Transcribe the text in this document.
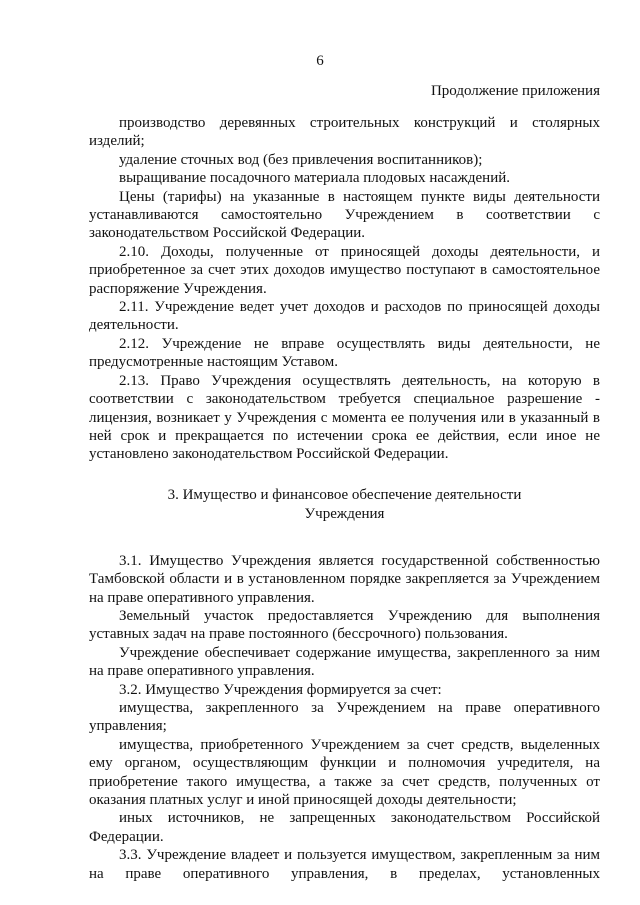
6
Продолжение приложения

производство деревянных строительных конструкций и столярных изделий;

удаление сточных вод (без привлечения воспитанников);

выращивание посадочного материала плодовых насаждений.

Цены (тарифы) на указанные в настоящем пункте виды деятельности устанавливаются самостоятельно Учреждением в соответствии с законодательством Российской Федерации.

2.10. Доходы, полученные от приносящей доходы деятельности, и приобретенное за счет этих доходов имущество поступают в самостоятельное распоряжение Учреждения.

2.11. Учреждение ведет учет доходов и расходов по приносящей доходы деятельности.

2.12. Учреждение не вправе осуществлять виды деятельности, не предусмотренные настоящим Уставом.

2.13. Право Учреждения осуществлять деятельность, на которую в соответствии с законодательством требуется специальное разрешение - лицензия, возникает у Учреждения с момента ее получения или в указанный в ней срок и прекращается по истечении срока ее действия, если иное не установлено законодательством Российской Федерации.

3. Имущество и финансовое обеспечение деятельности
Учреждения

3.1. Имущество Учреждения является государственной собственностью Тамбовской области и в установленном порядке закрепляется за Учреждением на праве оперативного управления.

Земельный участок предоставляется Учреждению для выполнения уставных задач на праве постоянного (бессрочного) пользования.

Учреждение обеспечивает содержание имущества, закрепленного за ним на праве оперативного управления.

3.2. Имущество Учреждения формируется за счет:

имущества, закрепленного за Учреждением на праве оперативного управления;

имущества, приобретенного Учреждением за счет средств, выделенных ему органом, осуществляющим функции и полномочия учредителя, на приобретение такого имущества, а также за счет средств, полученных от оказания платных услуг и иной приносящей доходы деятельности;

иных источников, не запрещенных законодательством Российской Федерации.

3.3. Учреждение владеет и пользуется имуществом, закрепленным за ним на праве оперативного управления, в пределах, установленных
